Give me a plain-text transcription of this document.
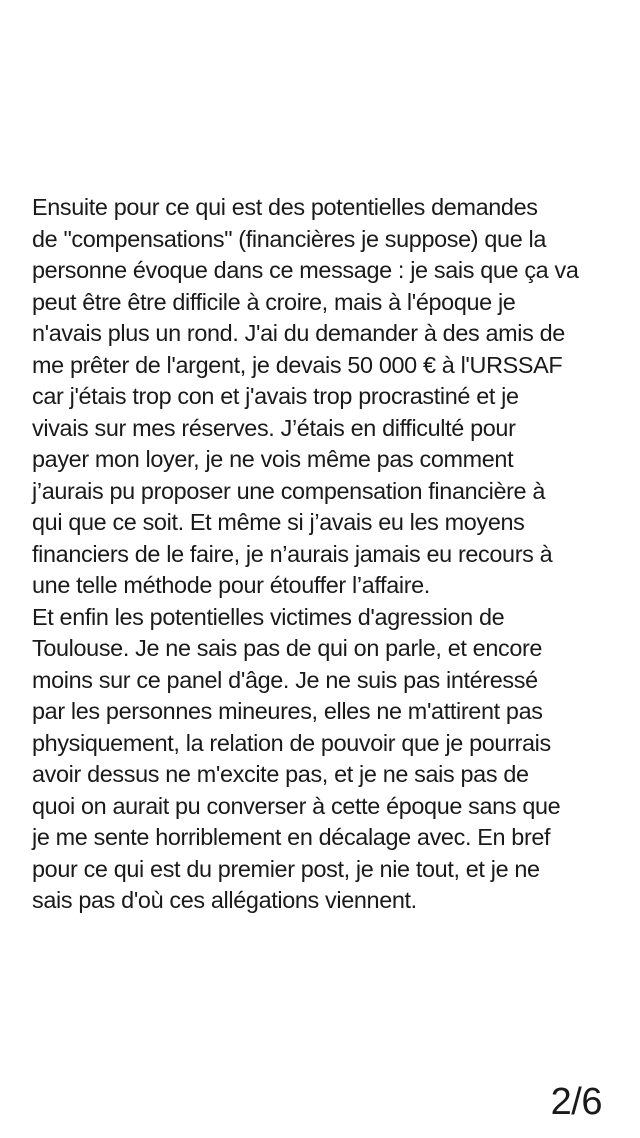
Ensuite pour ce qui est des potentielles demandes
de "compensations" (financières je suppose) que la
personne évoque dans ce message : je sais que ça va
peut être être difficile à croire, mais à l'époque je
n'avais plus un rond. J'ai du demander à des amis de
me prêter de l'argent, je devais 50 000 € à l'URSSAF
car j'étais trop con et j'avais trop procrastiné et je
vivais sur mes réserves. J’étais en difficulté pour
payer mon loyer, je ne vois même pas comment
j’aurais pu proposer une compensation financière à
qui que ce soit. Et même si j’avais eu les moyens
financiers de le faire, je n’aurais jamais eu recours à
une telle méthode pour étouffer l’affaire.

Et enfin les potentielles victimes d'agression de
Toulouse. Je ne sais pas de qui on parle, et encore
moins sur ce panel d'âge. Je ne suis pas intéressé
par les personnes mineures, elles ne m'attirent pas
physiquement, la relation de pouvoir que je pourrais
avoir dessus ne m'excite pas, et je ne sais pas de
quoi on aurait pu converser à cette époque sans que
je me sente horriblement en décalage avec. En bref
pour ce qui est du premier post, je nie tout, et je ne
sais pas d'où ces allégations viennent.

2/6
